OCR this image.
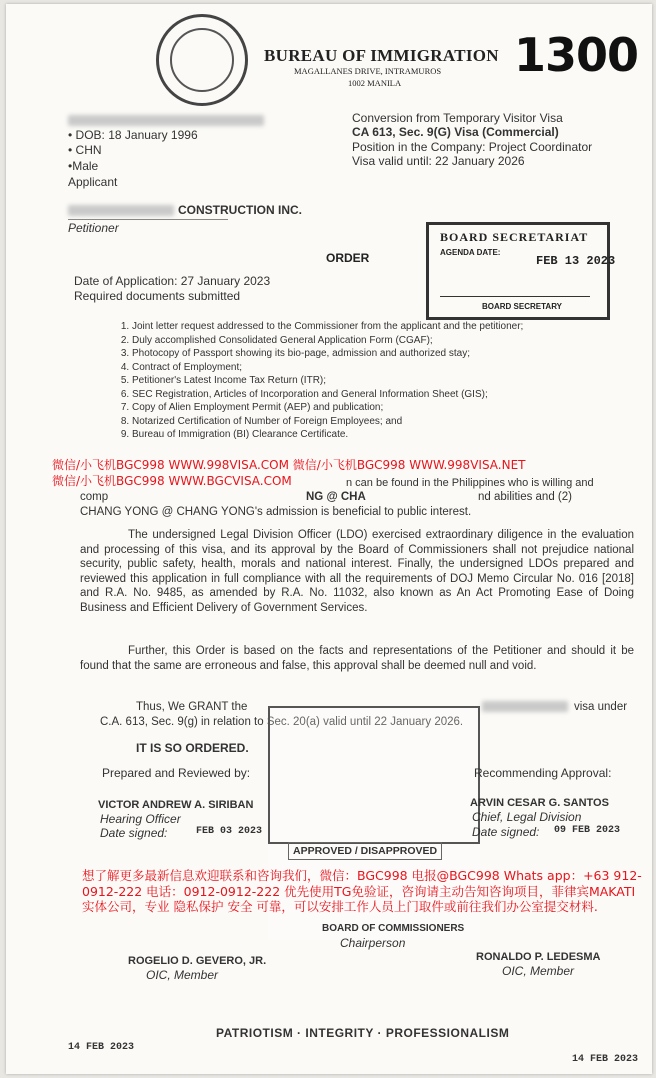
BUREAU OF IMMIGRATION
MAGALLANES DRIVE, INTRAMUROS
1002 MANILA
1300
• DOB: 18 January 1996
• CHN
•Male
Applicant
Conversion from Temporary Visitor Visa
CA 613, Sec. 9(G) Visa (Commercial)
Position in the Company: Project Coordinator
Visa valid until: 22 January 2026
CONSTRUCTION INC.
Petitioner
BOARD SECRETARIAT
AGENDA DATE:
FEB 13 2023
BOARD SECRETARY
ORDER
Date of Application: 27 January 2023
Required documents submitted
1. Joint letter request addressed to the Commissioner from the applicant and the petitioner;
2. Duly accomplished Consolidated General Application Form (CGAF);
3. Photocopy of Passport showing its bio-page, admission and authorized stay;
4. Contract of Employment;
5. Petitioner's Latest Income Tax Return (ITR);
6. SEC Registration, Articles of Incorporation and General Information Sheet (GIS);
7. Copy of Alien Employment Permit (AEP) and publication;
8. Notarized Certification of Number of Foreign Employees; and
9. Bureau of Immigration (BI) Clearance Certificate.
微信/小飞机BGC998 WWW.998VISA.COM 微信/小飞机BGC998 WWW.998VISA.NET
微信/小飞机BGC998 WWW.BGCVISA.COM	n can be found in the Philippines who is willing and
comp	NG @ CHA	nd abilities and (2)
CHANG YONG @ CHANG YONG's admission is beneficial to public interest.
The undersigned Legal Division Officer (LDO) exercised extraordinary diligence in the evaluation and processing of this visa, and its approval by the Board of Commissioners shall not prejudice national security, public safety, health, morals and national interest. Finally, the undersigned LDOs prepared and reviewed this application in full compliance with all the requirements of DOJ Memo Circular No. 016 [2018] and R.A. No. 9485, as amended by R.A. No. 11032, also known as An Act Promoting Ease of Doing Business and Efficient Delivery of Government Services.
Further, this Order is based on the facts and representations of the Petitioner and should it be found that the same are erroneous and false, this approval shall be deemed null and void.
Thus, We GRANT the	visa under
C.A. 613, Sec. 9(g) in relation to Sec. 20(a) valid until 22 January 2026.
IT IS SO ORDERED.
Prepared and Reviewed by:	Recommending Approval:
VICTOR ANDREW A. SIRIBAN
Hearing Officer
Date signed:	FEB 03 2023
ARVIN CESAR G. SANTOS
Chief, Legal Division
Date signed: 09 FEB 2023
APPROVED / DISAPPROVED
想了解更多最新信息欢迎联系和咨询我们，微信：BGC998 电报@BGC998 Whats app：+63 912-0912-222 电话：0912-0912-222 优先使用TG免验证，咨询请主动告知咨询项目，菲律宾MAKATI 实体公司，专业 隐私保护 安全 可靠，可以安排工作人员上门取件或前往我们办公室提交材料.
BOARD OF COMMISSIONERS
Chairperson
ROGELIO D. GEVERO, JR.
OIC, Member
RONALDO P. LEDESMA
OIC, Member
PATRIOTISM · INTEGRITY · PROFESSIONALISM
14 FEB 2023
14 FEB 2023
